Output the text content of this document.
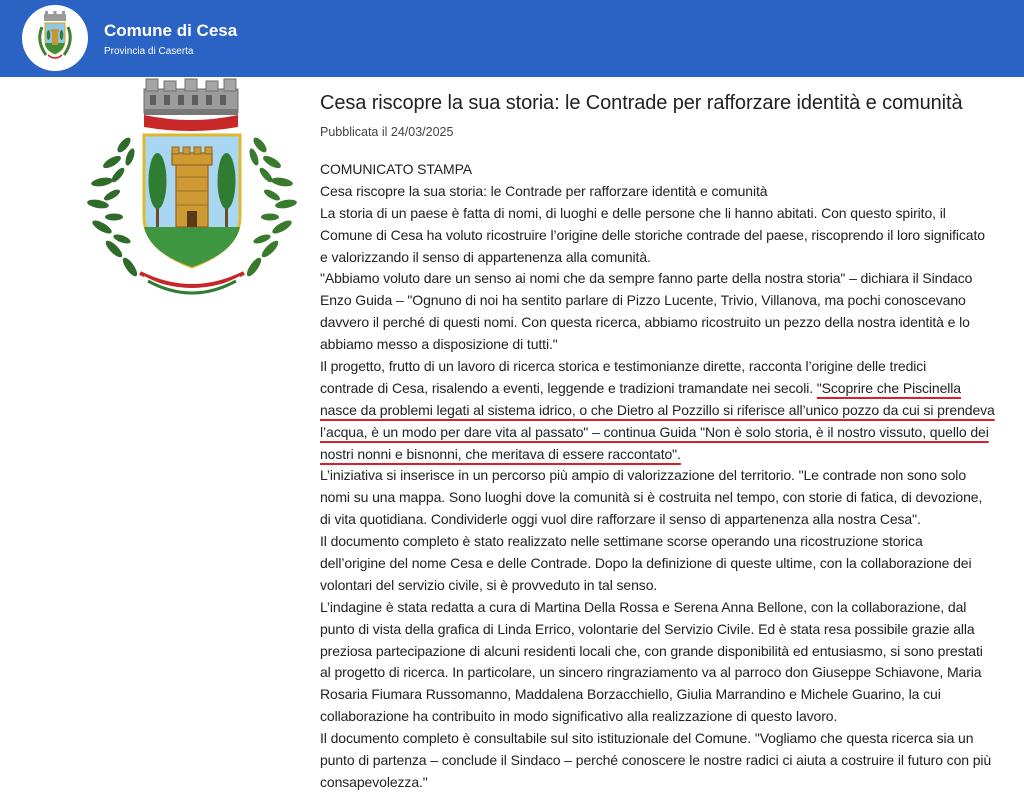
Comune di Cesa
Provincia di Caserta
Cesa riscopre la sua storia: le Contrade per rafforzare identità e comunità
Pubblicata il 24/03/2025
COMUNICATO STAMPA
Cesa riscopre la sua storia: le Contrade per rafforzare identità e comunità
La storia di un paese è fatta di nomi, di luoghi e delle persone che li hanno abitati. Con questo spirito, il
Comune di Cesa ha voluto ricostruire l’origine delle storiche contrade del paese, riscoprendo il loro significato
e valorizzando il senso di appartenenza alla comunità.
"Abbiamo voluto dare un senso ai nomi che da sempre fanno parte della nostra storia" – dichiara il Sindaco
Enzo Guida – "Ognuno di noi ha sentito parlare di Pizzo Lucente, Trivio, Villanova, ma pochi conoscevano
davvero il perché di questi nomi. Con questa ricerca, abbiamo ricostruito un pezzo della nostra identità e lo
abbiamo messo a disposizione di tutti."
Il progetto, frutto di un lavoro di ricerca storica e testimonianze dirette, racconta l’origine delle tredici
contrade di Cesa, risalendo a eventi, leggende e tradizioni tramandate nei secoli. "Scoprire che Piscinella
nasce da problemi legati al sistema idrico, o che Dietro al Pozzillo si riferisce all’unico pozzo da cui si prendeva
l’acqua, è un modo per dare vita al passato" – continua Guida "Non è solo storia, è il nostro vissuto, quello dei
nostri nonni e bisnonni, che meritava di essere raccontato".
L’iniziativa si inserisce in un percorso più ampio di valorizzazione del territorio. "Le contrade non sono solo
nomi su una mappa. Sono luoghi dove la comunità si è costruita nel tempo, con storie di fatica, di devozione,
di vita quotidiana. Condividerle oggi vuol dire rafforzare il senso di appartenenza alla nostra Cesa".
Il documento completo è stato realizzato nelle settimane scorse operando una ricostruzione storica
dell’origine del nome Cesa e delle Contrade. Dopo la definizione di queste ultime, con la collaborazione dei
volontari del servizio civile, si è provveduto in tal senso.
L’indagine è stata redatta a cura di Martina Della Rossa e Serena Anna Bellone, con la collaborazione, dal
punto di vista della grafica di Linda Errico, volontarie del Servizio Civile. Ed è stata resa possibile grazie alla
preziosa partecipazione di alcuni residenti locali che, con grande disponibilità ed entusiasmo, si sono prestati
al progetto di ricerca. In particolare, un sincero ringraziamento va al parroco don Giuseppe Schiavone, Maria
Rosaria Fiumara Russomanno, Maddalena Borzacchiello, Giulia Marrandino e Michele Guarino, la cui
collaborazione ha contribuito in modo significativo alla realizzazione di questo lavoro.
Il documento completo è consultabile sul sito istituzionale del Comune. "Vogliamo che questa ricerca sia un
punto di partenza – conclude il Sindaco – perché conoscere le nostre radici ci aiuta a costruire il futuro con più
consapevolezza."
